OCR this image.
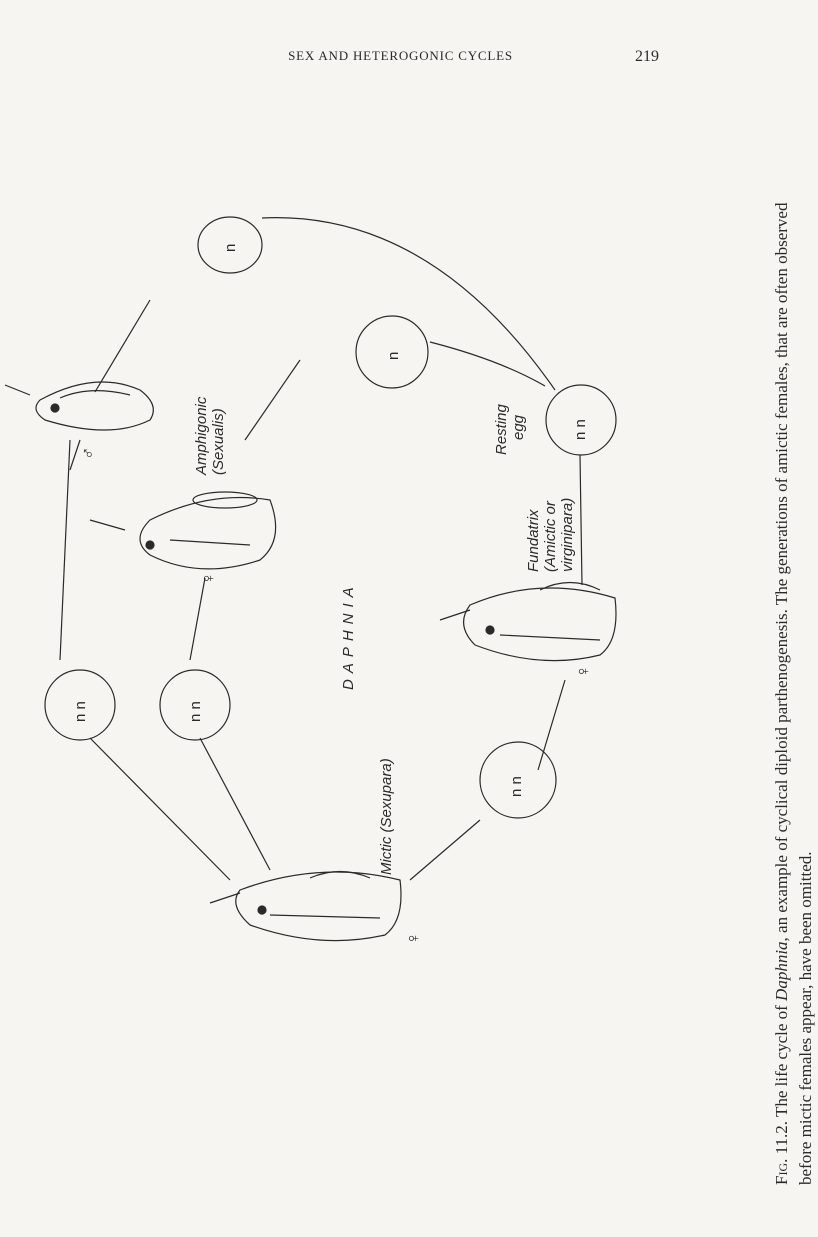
SEX AND HETEROGONIC CYCLES	219
n
n
n n
n n	n n
n n
♂
♀
♀
♀
Amphigonic (Sexualis)	Resting egg
Fundatrix (Amictic or virginipara)
DAPHNIA
Mictic (Sexupara)
Fig. 11.2. The life cycle of Daphnia, an example of cyclical diploid parthenogenesis. The generations of amictic females, that are often observed before mictic females appear, have been omitted.
